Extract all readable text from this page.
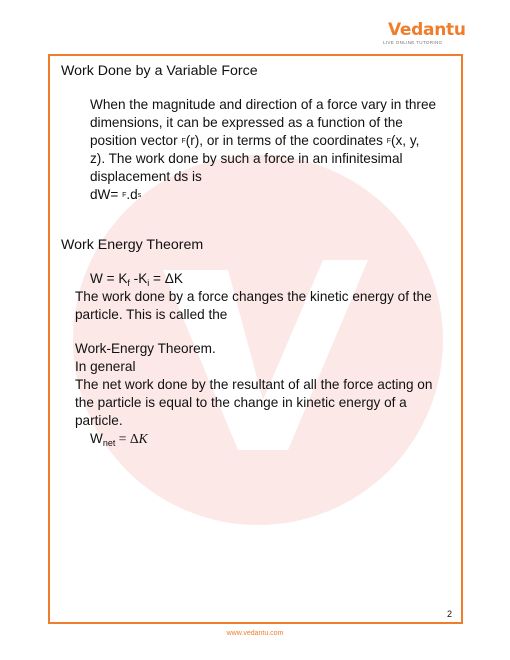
Vedantu
LIVE ONLINE TUTORING
Work Done by a Variable Force
When the magnitude and direction of a force vary in three
dimensions, it can be expressed as a function of the
position vector F(r), or in terms of the coordinates F(x, y,
z). The work done by such a force in an infinitesimal
displacement ds is
dW= F.ds
Work Energy Theorem
$W = K_f$ $-K_i = \Delta K$
The work done by a force changes the kinetic energy of the
particle. This is called the
Work-Energy Theorem.
In general
The net work done by the resultant of all the force acting on
the particle is equal to the change in kinetic energy of a
particle.
$W_{net} = \Delta K$
2
www.vedantu.com
